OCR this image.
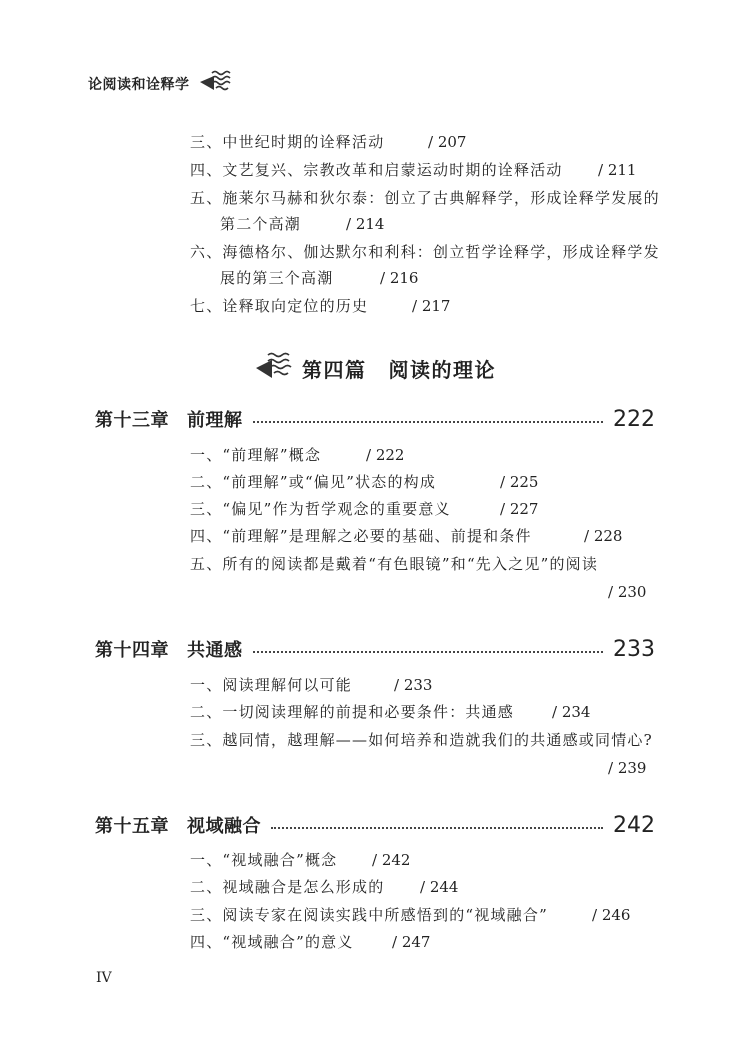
论阅读和诠释学
三、中世纪时期的诠释活动	/ 207
四、文艺复兴、宗教改革和启蒙运动时期的诠释活动 / 211
五、施莱尔马赫和狄尔泰：创立了古典解释学，形成诠释学发展的
第二个高潮	/ 214
六、海德格尔、伽达默尔和利科：创立哲学诠释学，形成诠释学发
展的第三个高潮	/ 216
七、诠释取向定位的历史	/ 217
第四篇 阅读的理论
第十三章 前理解	222
一、“前理解”概念	/ 222
二、“前理解”或“偏见”状态的构成	/ 225
三、“偏见”作为哲学观念的重要意义	/ 227
四、“前理解”是理解之必要的基础、前提和条件	/ 228
五、所有的阅读都是戴着“有色眼镜”和“先入之见”的阅读
/ 230
第十四章 共通感	233
一、阅读理解何以可能	/ 233
二、一切阅读理解的前提和必要条件：共通感	/ 234
三、越同情，越理解——如何培养和造就我们的共通感或同情心?
/ 239
第十五章 视域融合	242
一、“视域融合”概念 / 242
二、视域融合是怎么形成的 / 244
三、阅读专家在阅读实践中所感悟到的“视域融合”	/ 246
四、“视域融合”的意义	/ 247
IV
